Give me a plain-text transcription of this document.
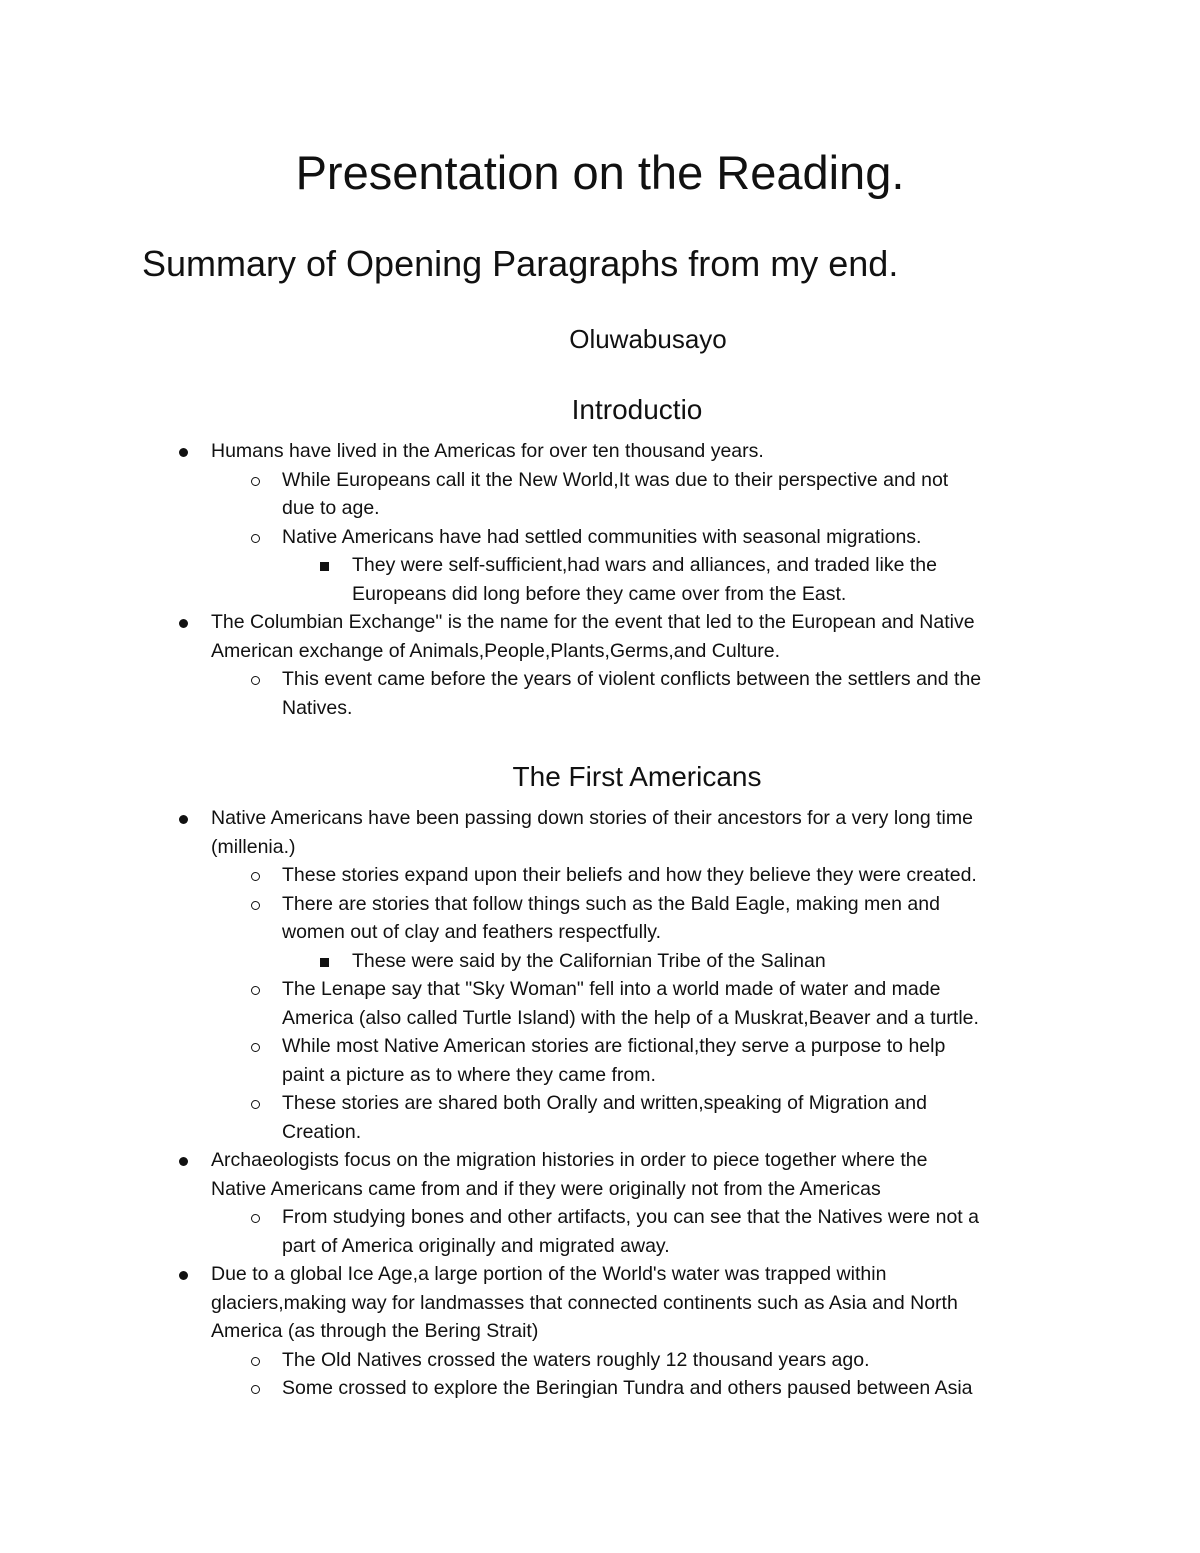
Presentation on the Reading.
Summary of Opening Paragraphs from my end.
Oluwabusayo
Introductio
Humans have lived in the Americas for over ten thousand years.
While Europeans call it the New World,It was due to their perspective and not
due to age.
Native Americans have had settled communities with seasonal migrations.
They were self-sufficient,had wars and alliances, and traded like the
Europeans did long before they came over from the East.
The Columbian Exchange" is the name for the event that led to the European and Native
American exchange of Animals,People,Plants,Germs,and Culture.
This event came before the years of violent conflicts between the settlers and the
Natives.
The First Americans
Native Americans have been passing down stories of their ancestors for a very long time
(millenia.)
These stories expand upon their beliefs and how they believe they were created.
There are stories that follow things such as the Bald Eagle, making men and
women out of clay and feathers respectfully.
These were said by the Californian Tribe of the Salinan
The Lenape say that "Sky Woman" fell into a world made of water and made
America (also called Turtle Island) with the help of a Muskrat,Beaver and a turtle.
While most Native American stories are fictional,they serve a purpose to help
paint a picture as to where they came from.
These stories are shared both Orally and written,speaking of Migration and
Creation.
Archaeologists focus on the migration histories in order to piece together where the
Native Americans came from and if they were originally not from the Americas
From studying bones and other artifacts, you can see that the Natives were not a
part of America originally and migrated away.
Due to a global Ice Age,a large portion of the World's water was trapped within
glaciers,making way for landmasses that connected continents such as Asia and North
America (as through the Bering Strait)
The Old Natives crossed the waters roughly 12 thousand years ago.
Some crossed to explore the Beringian Tundra and others paused between Asia
